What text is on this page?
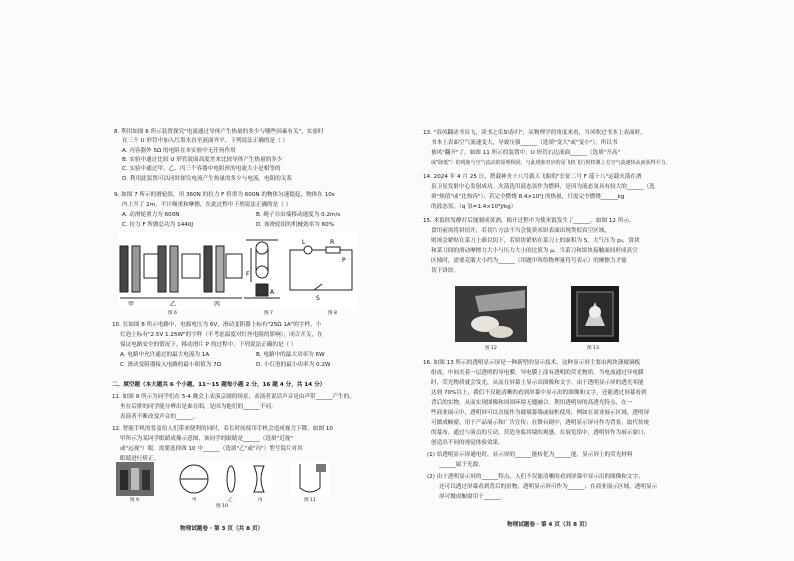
8. 利用如图 6 所示装置探究"电流通过导体产生热量的多少与哪些因素有关"，实验时
在三个 U 形管中加入红墨水直至液面齐平，下列说法正确的是（ ）
A. 丙容器外 5Ω 的电阻在本实验中无任何作用
B. 实验中通过比较 U 形管液面高度差来比较导体产生热量的多少
C. 实验中通过甲、乙、丙三个容器中电阻丝的电流大小是相等的
D. 利用此装置可以同时探究电流产生热量的多少与电流、电阻的关系
9. 如图 7 所示的滑轮组，用 360N 的拉力 F 将重为 600N 的物体匀速提起，物体在 10s
内上升了 2m，不计绳重和摩擦，在此过程中下列说法正确的是（ ）
A. 动滑轮重力为 600N	B. 绳子自由端移动速度为 0.2m/s
C. 拉力 F 所做总功为 1440J	D. 该滑轮组的机械效率为 60%
甲	乙	丙
F
A
L	R
S
P
图 6	图 7	图 8
10. 在如图 8 所示电路中，电源电压为 6V，滑动变阻器上标有"25Ω 1A"的字样，小
灯泡上标有"2.5V 1.25W"的字样（不考虑温度对灯丝电阻的影响），闭合开关，在
保证电路安全的情况下，移动滑片 P 的过程中，下列说法正确的是（ ）
A. 电路中允许通过的最大电流为 1A	B. 电路中的最大功率为 6W
C. 滑动变阻器接入电路的最小阻值为 7Ω	D. 小灯泡的最小功率为 0.2W
二、填空题（本大题共 6 个小题，11～15 题每小题 2 分，16 题 4 分，共 14 分）
11. 如图 9 所示为同学们在 5·4 晚会上表演京剧的场景，表演者说话声音是由声带______产生的，
坐在后排的同学能分辨出是谁在唱，是因为他们的______不同。
表演者不断改变声音的______。
12. 智能手机的普及给人们带来便利的同时，若长时间使用手机会造成视力下降。如图 10
甲所示为某同学眼睛成像示意图，该同学的眼睛是______（选填"近视"
或"远视"）眼，需要选择图 10 中______（选填"乙"或"丙"）型号镜片对其
眼睛进行矫正。
图 9	甲	乙	丙
图 10
图 11
物理试题卷 · 第 3 页（共 8 页）
13. "春风翻动书页飞，读书之乐如春归"，从物理学的角度来看，当风吹过书本上表面时，
书本上表面空气流速变大，导致压强______（选填"变大"或"变小"），所以书
被风"翻开"了。如图 11 所示的装置中，U 形管右边液面______（选填"升高"
或"降低"）的现象与空气流动的原理相同，与此现象对应的是飞机飞行时机翼上方空气流速快从而获得升力。
14. 2024 年 4 月 25 日，搭载神舟十八号载人飞船的"长征二号 F 遥十八"运载火箭在酒
泉卫星发射中心发射成功。火箭选用液态氢作为燃料，是因为液态氢具有较大的______（选
填"热值"或"比热容"）；若完全燃烧 8.4×10³J 的热量，只需完全燃烧______kg
的液态氢。（q 氢=1.4×10⁸J/kg）
15. 米饭经发酵打后能制成黄酒，揭开过程中为使米饭发生了______。如图 12 所示，
食用前需将饼切开，若切片方法不当会使黄米饼表面出现类似真空区域，
则该会紧贴在菜刀上难以切下，若饼块紧贴在菜刀上的面积为 S，大气压为 p₀，饼块
和菜刀间的滑动摩擦力大小与压力大小的比值为 μ，当菜刀和饼块接触面间形成真空
区域时，需要克服大小约为______（用题中所给物理量符号表示）的摩擦力才能
切下饼块。
图 12	图 13
16. 如图 13 所示的透明显示屏是一种新型的显示技术，这种显示屏主要由两块薄玻璃板
组成，中间夹着一层透明的导电膜，导电膜上涂有透明的荧光物质。当电流通过导电膜
时，荧光物质就会发光，从而在屏幕上显示出图像和文字。由于透明显示屏的透光率能
达到 70%以上，我们不仅能清晰的看到屏幕中显示出的图像和文字，还能透过屏幕看到
背后的实物，从而实现图像和周围环境无缝融合。利用透明屏的高透光特点，在一
些商业展示中，透明屏可以直接作为玻璃幕墙或展柜使用，例如在商业展示区域，透明屏
可做成橱窗，用于产品展示和广告宣传；在舞台剧中，透明显示屏可作为背景，取代传统
的幕布，通过与演员的互动，营造身临其境的观感，在展览馆中，透明屏作为展示窗口，
创造出不同的视觉体验效果。
(1) 给透明显示屏通电时，显示屏的______能转化为______能，显示屏上的荧光材料
______属于光源。
(2) 由于透明显示屏的______特点，人们不仅能清晰的看到屏幕中显示出的图像和文字，
还可以透过屏幕看到背后的景物，透明显示屏可作为______；在商业展示区域，透明显示
屏可做成橱窗用于______。
物理试题卷 · 第 4 页（共 8 页）
